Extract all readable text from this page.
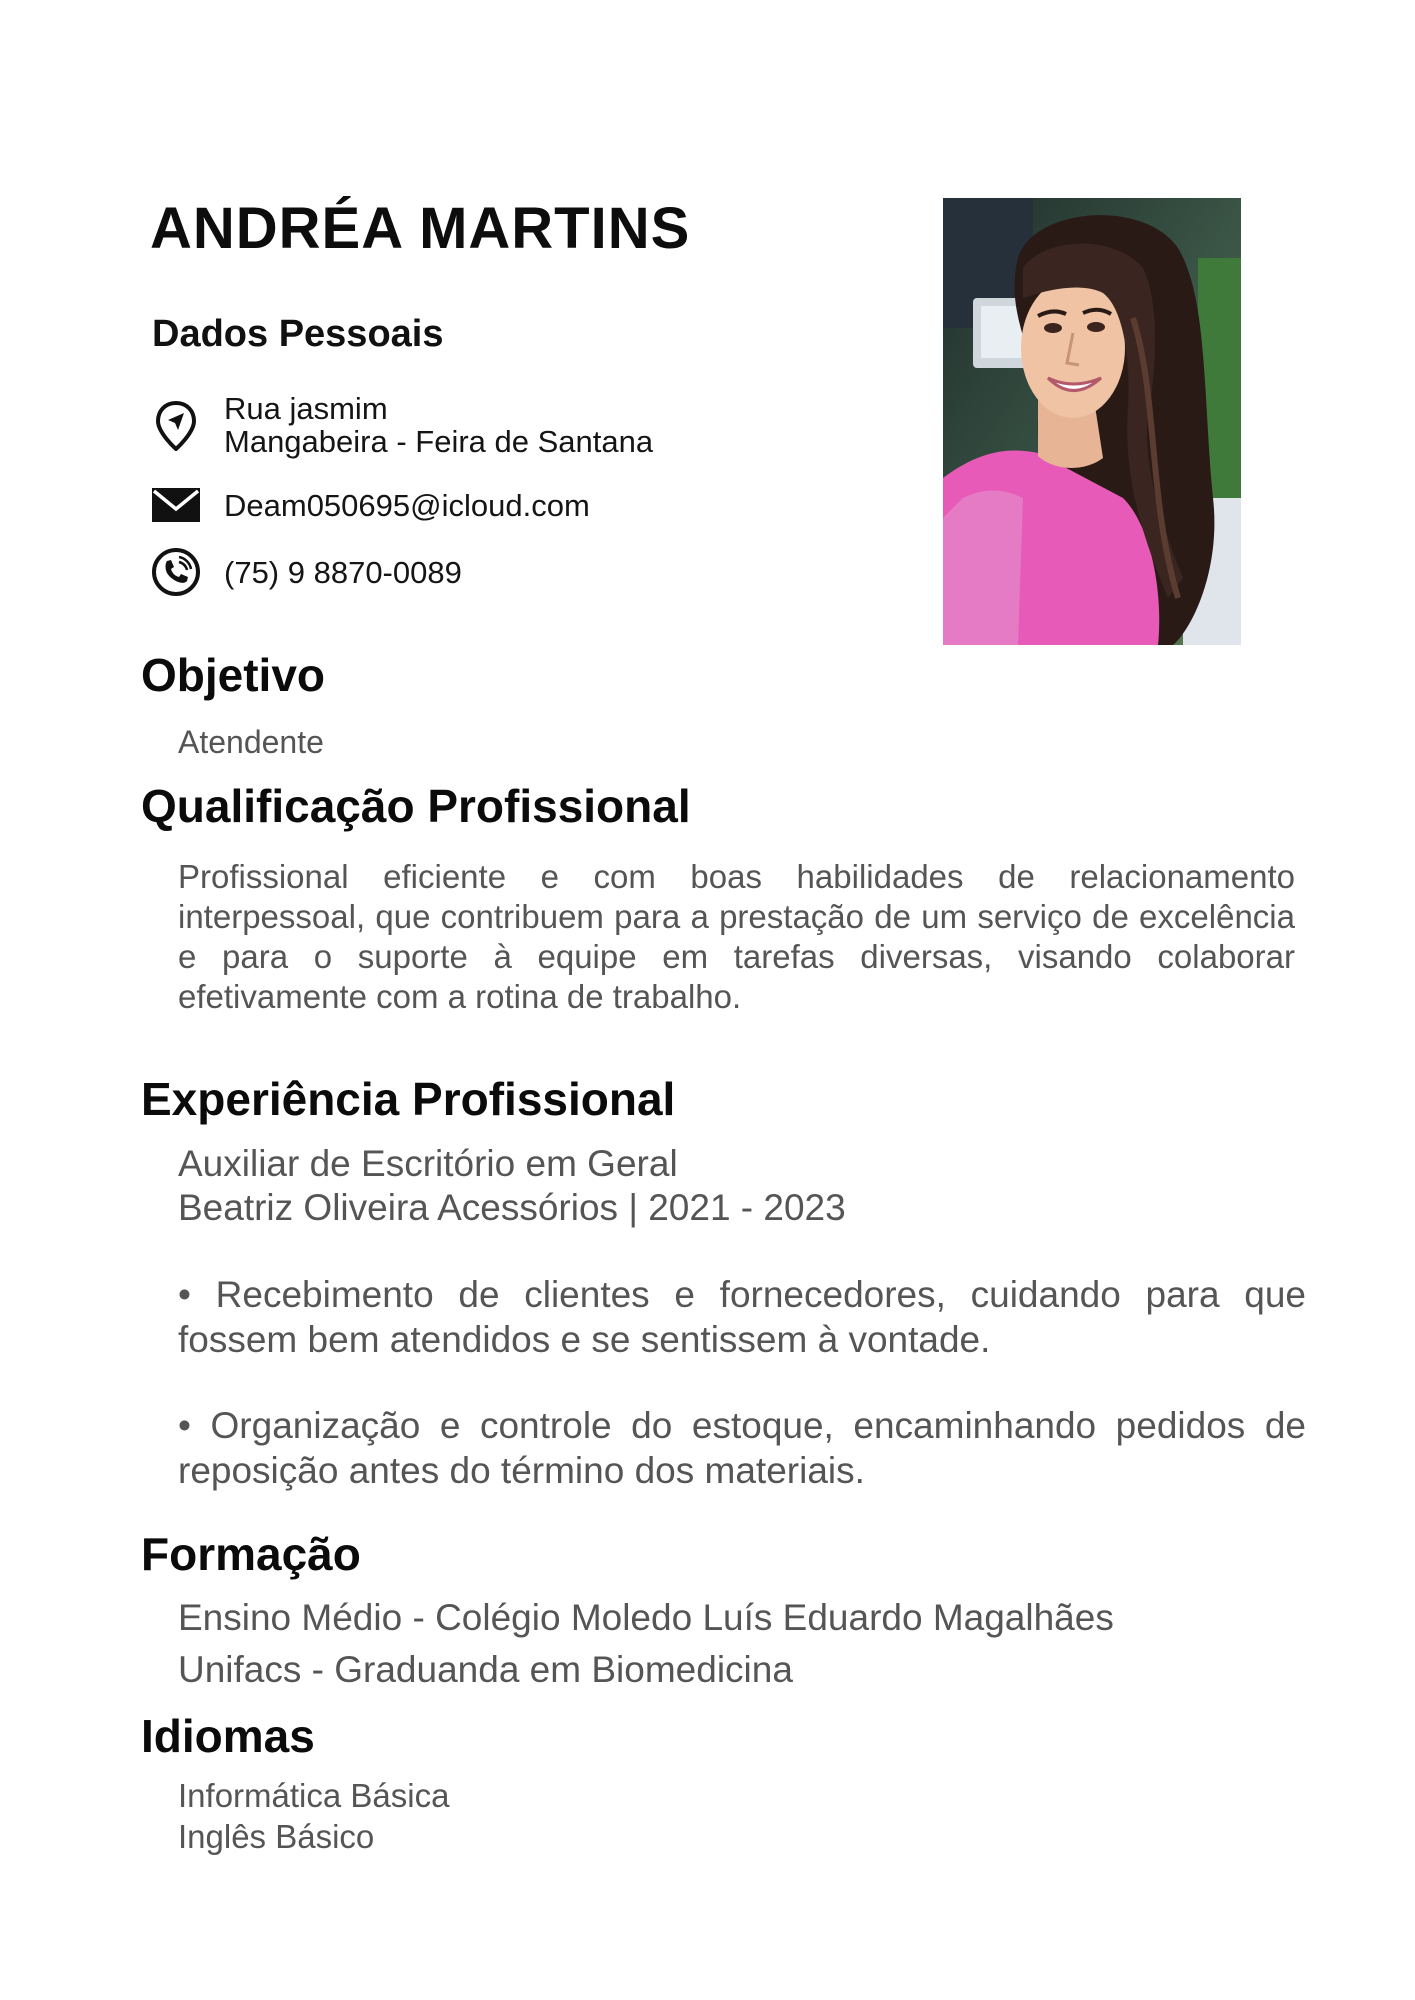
ANDRÉA MARTINS
Dados Pessoais
Rua jasmim
Mangabeira - Feira de Santana
Deam050695@icloud.com
(75) 9 8870-0089
Objetivo
Atendente
Qualificação Profissional
Profissional eficiente e com boas habilidades de relacionamento interpessoal, que contribuem para a prestação de um serviço de excelência e para o suporte à equipe em tarefas diversas, visando colaborar efetivamente com a rotina de trabalho.
Experiência Profissional
Auxiliar de Escritório em Geral
Beatriz Oliveira Acessórios | 2021 - 2023
• Recebimento de clientes e fornecedores, cuidando para que fossem bem atendidos e se sentissem à vontade.
• Organização e controle do estoque, encaminhando pedidos de reposição antes do término dos materiais.
Formação
Ensino Médio - Colégio Moledo Luís Eduardo Magalhães
Unifacs - Graduanda em Biomedicina
Idiomas
Informática Básica
Inglês Básico
